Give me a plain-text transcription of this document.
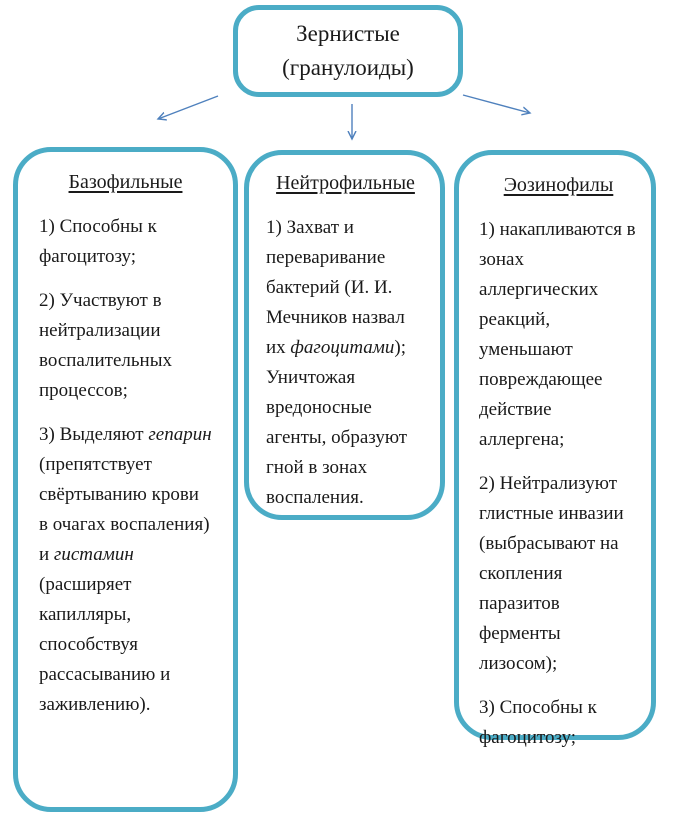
Зернистые
(гранулоиды)
Базофильные

1) Способны к фагоцитозу;

2) Участвуют в нейтрализации воспалительных процессов;

3) Выделяют гепарин (препятствует свёртыванию крови в очагах воспаления) и гистамин (расширяет капилляры, способствуя рассасыванию и заживлению).

Нейтрофильные

1) Захват и переваривание бактерий (И. И. Мечников назвал их фагоцитами); Уничтожая вредоносные агенты, образуют гной в зонах воспаления.

Эозинофилы

1) накапливаются в зонах аллергических реакций, уменьшают повреждающее действие аллергена;

2) Нейтрализуют глистные инвазии (выбрасывают на скопления паразитов ферменты лизосом);

3) Способны к фагоцитозу;
